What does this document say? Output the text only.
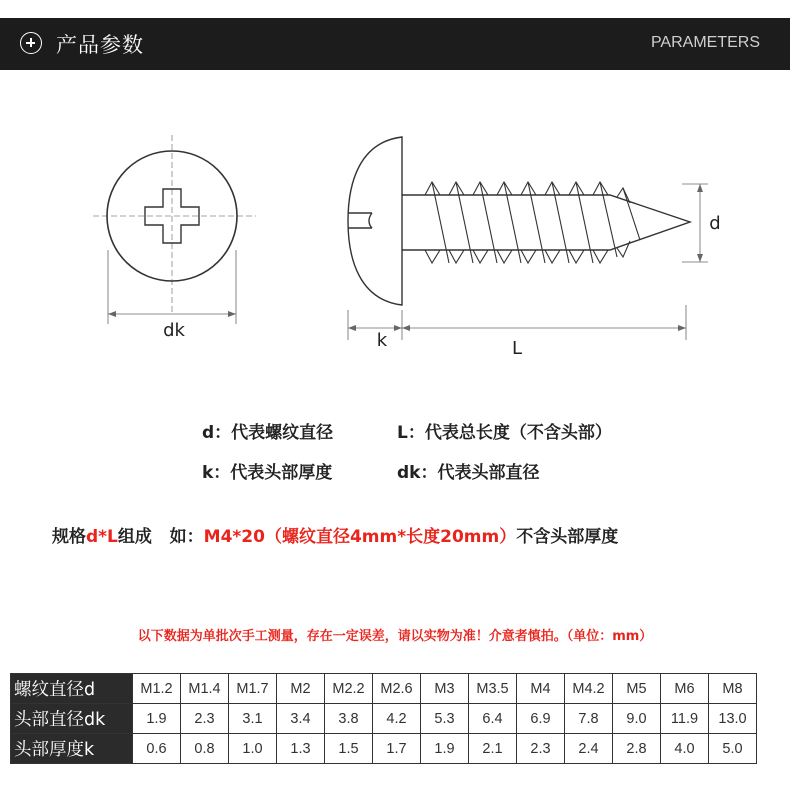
产品参数	PARAMETERS
dk	k	L
d
d：代表螺纹直径	L：代表总长度（不含头部）
k：代表头部厚度	dk：代表头部直径
规格d*L组成 如：M4*20（螺纹直径4mm*长度20mm）不含头部厚度
以下数据为单批次手工测量，存在一定误差，请以实物为准！介意者慎拍。（单位：mm）
螺纹直径d	M1.2	M1.4	M1.7	M2	M2.2	M2.6	M3	M3.5	M4	M4.2	M5	M6	M8
头部直径dk	1.9	2.3	3.1	3.4	3.8	4.2	5.3	6.4	6.9	7.8	9.0	11.9	13.0
头部厚度k	0.6	0.8	1.0	1.3	1.5	1.7	1.9	2.1	2.3	2.4	2.8	4.0	5.0
